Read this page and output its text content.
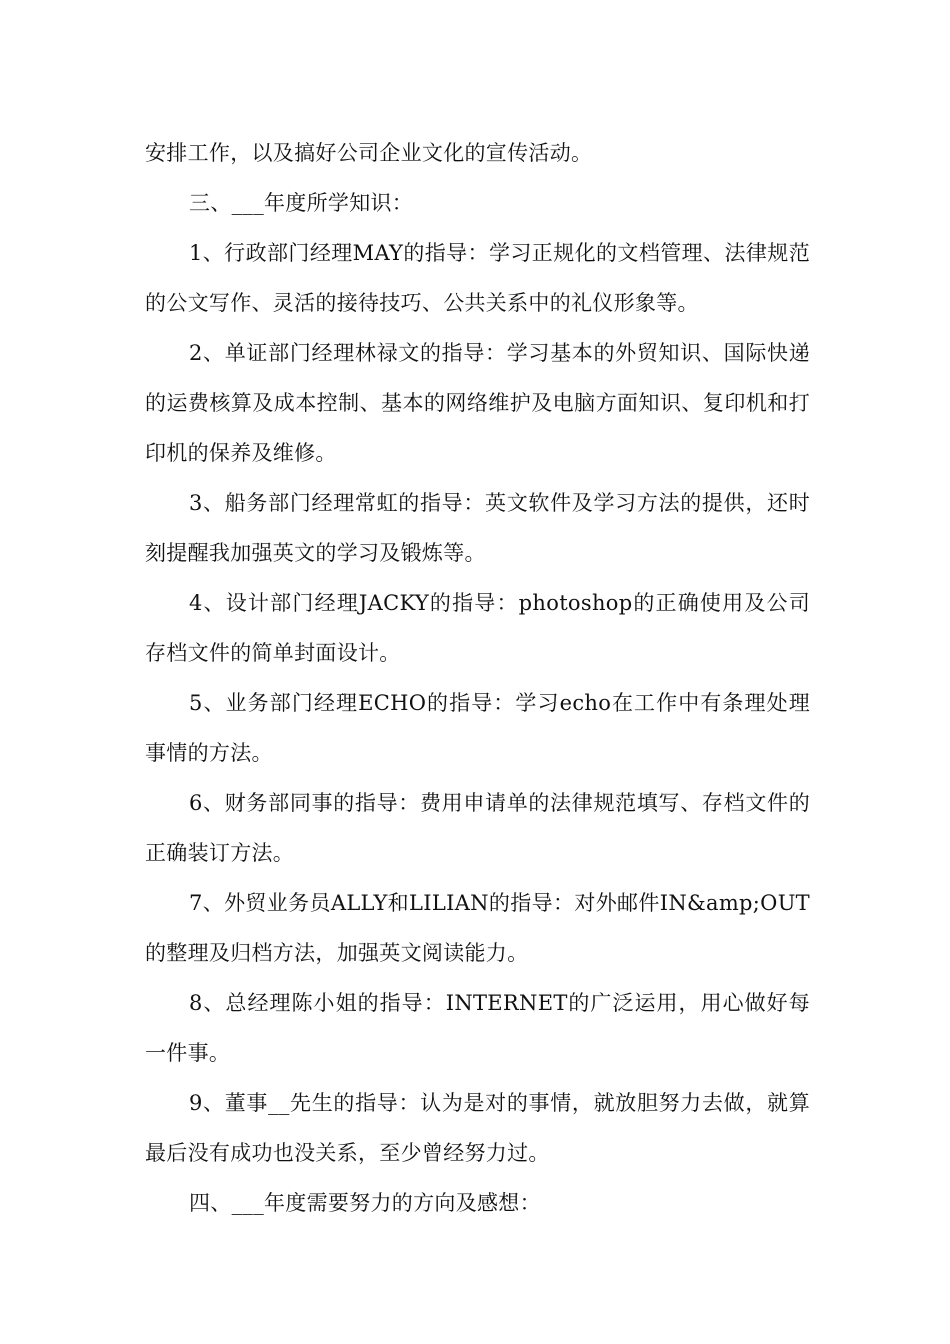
安排工作，以及搞好公司企业文化的宣传活动。

三、___年度所学知识：

1、行政部门经理MAY的指导：学习正规化的文档管理、法律规范的公文写作、灵活的接待技巧、公共关系中的礼仪形象等。

2、单证部门经理林禄文的指导：学习基本的外贸知识、国际快递的运费核算及成本控制、基本的网络维护及电脑方面知识、复印机和打印机的保养及维修。

3、船务部门经理常虹的指导：英文软件及学习方法的提供，还时刻提醒我加强英文的学习及锻炼等。

4、设计部门经理JACKY的指导：photoshop的正确使用及公司存档文件的简单封面设计。

5、业务部门经理ECHO的指导：学习echo在工作中有条理处理事情的方法。

6、财务部同事的指导：费用申请单的法律规范填写、存档文件的正确装订方法。

7、外贸业务员ALLY和LILIAN的指导：对外邮件IN&amp;OUT的整理及归档方法，加强英文阅读能力。

8、总经理陈小姐的指导：INTERNET的广泛运用，用心做好每一件事。

9、董事__先生的指导：认为是对的事情，就放胆努力去做，就算最后没有成功也没关系，至少曾经努力过。

四、___年度需要努力的方向及感想：
